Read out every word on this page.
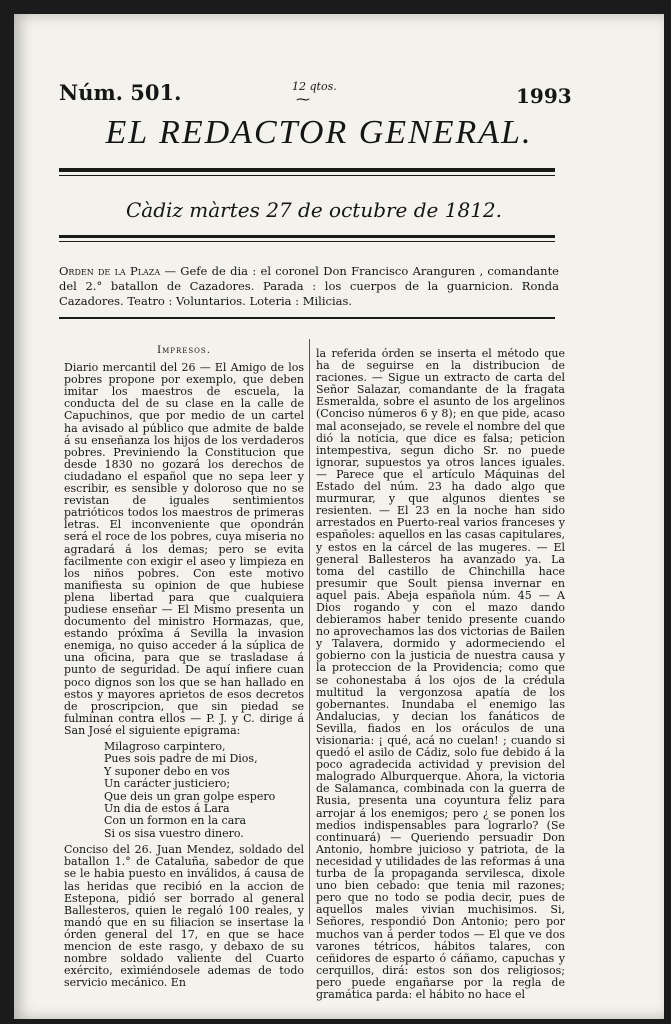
Núm. 501.	12 qtos.
⁓	1993
EL REDACTOR GENERAL.
Càdiz màrtes 27 de octubre de 1812.
Orden de la Plaza — Gefe de dia : el coronel Don Francisco Aranguren , comandante del 2.° batallon de Cazadores. Parada : los cuerpos de la guarnicion. Ronda Cazadores. Teatro : Voluntarios. Loteria : Milicias.
Impresos.

Diario mercantil del 26 — El Amigo de los pobres propone por exemplo, que deben imitar los maestros de escuela, la conducta del de su clase en la calle de Capuchinos, que por medio de un cartel ha avisado al público que admite de balde á su enseñanza los hijos de los verdaderos pobres. Previniendo la Constitucion que desde 1830 no gozará los derechos de ciudadano el español que no sepa leer y escribir, es sensible y doloroso que no se revistan de iguales sentimientos patrióticos todos los maestros de primeras letras. El inconveniente que opondrán será el roce de los pobres, cuya miseria no agradará á los demas; pero se evita facilmente con exigir el aseo y limpieza en los niños pobres. Con este motivo manifiesta su opinion de que hubiese plena libertad para que cualquiera pudiese enseñar — El Mismo presenta un documento del ministro Hormazas, que, estando próxîma á Sevilla la invasion enemiga, no quiso acceder á la súplica de una oficina, para que se trasladase á punto de seguridad. De aquí infiere cuan poco dignos son los que se han hallado en estos y mayores aprietos de esos decretos de proscripcion, que sin piedad se fulminan contra ellos — P. J. y C. dirige á San José el siguiente epigrama:

Milagroso carpintero,
Pues sois padre de mi Dios,
Y suponer debo en vos
Un carácter justiciero;
Que deis un gran golpe espero
Un dia de estos á Lara
Con un formon en la cara
Si os sisa vuestro dinero.

Conciso del 26. Juan Mendez, soldado del batallon 1.° de Cataluña, sabedor de que se le habia puesto en inválidos, á causa de las heridas que recibió en la accion de Estepona, pidió ser borrado al general Ballesteros, quien le regaló 100 reales, y mandó que en su filiacion se insertase la órden general del 17, en que se hace mencion de este rasgo, y debaxo de su nombre soldado valiente del Cuarto exército, exìmiéndosele ademas de todo servicio mecánico. En

la referida órden se inserta el método que ha de seguirse en la distribucion de raciones. — Sigue un extracto de carta del Señor Salazar, comandante de la fragata Esmeralda, sobre el asunto de los argelinos (Conciso números 6 y 8); en que pide, acaso mal aconsejado, se revele el nombre del que dió la noticia, que dice es falsa; peticion intempestiva, segun dicho Sr. no puede ignorar, supuestos ya otros lances iguales. — Parece que el artículo Máquinas del Estado del núm. 23 ha dado algo que murmurar, y que algunos dientes se resienten. — El 23 en la noche han sido arrestados en Puerto-real varios franceses y españoles: aquellos en las casas capitulares, y estos en la cárcel de las mugeres. — El general Ballesteros ha avanzado ya. La toma del castillo de Chinchilla hace presumir que Soult piensa invernar en aquel pais. Abeja española núm. 45 — A Dios rogando y con el mazo dando debieramos haber tenido presente cuando no aprovechamos las dos victorias de Bailen y Talavera, dormido y adormeciendo el gobierno con la justicia de nuestra causa y la proteccion de la Providencia; como que se cohonestaba á los ojos de la crédula multitud la vergonzosa apatía de los gobernantes. Inundaba el enemigo las Andalucias, y decian los fanáticos de Sevilla, fiados en los oráculos de una visionaria: ¡ qué, acá no cuelan! ; cuando si quedó el asilo de Cádiz, solo fue debido á la poco agradecida actividad y prevision del malogrado Alburquerque. Ahora, la victoria de Salamanca, combinada con la guerra de Rusia, presenta una coyuntura feliz para arrojar á los enemigos; pero ¿ se ponen los medios indispensables para lograrlo? (Se continuará) — Queriendo persuadir Don Antonio, hombre juicioso y patriota, de la necesidad y utilidades de las reformas á una turba de la propaganda servilesca, dixole uno bien cebado: que tenia mil razones; pero que no todo se podia decir, pues de aquellos males vivian muchisimos. Si, Señores, respondió Don Antonio; pero por muchos van á perder todos — El que ve dos varones tétricos, hábitos talares, con ceñidores de esparto ó cáñamo, capuchas y cerquillos, dirá: estos son dos religiosos; pero puede engañarse por la regla de gramática parda: el hábito no hace el
